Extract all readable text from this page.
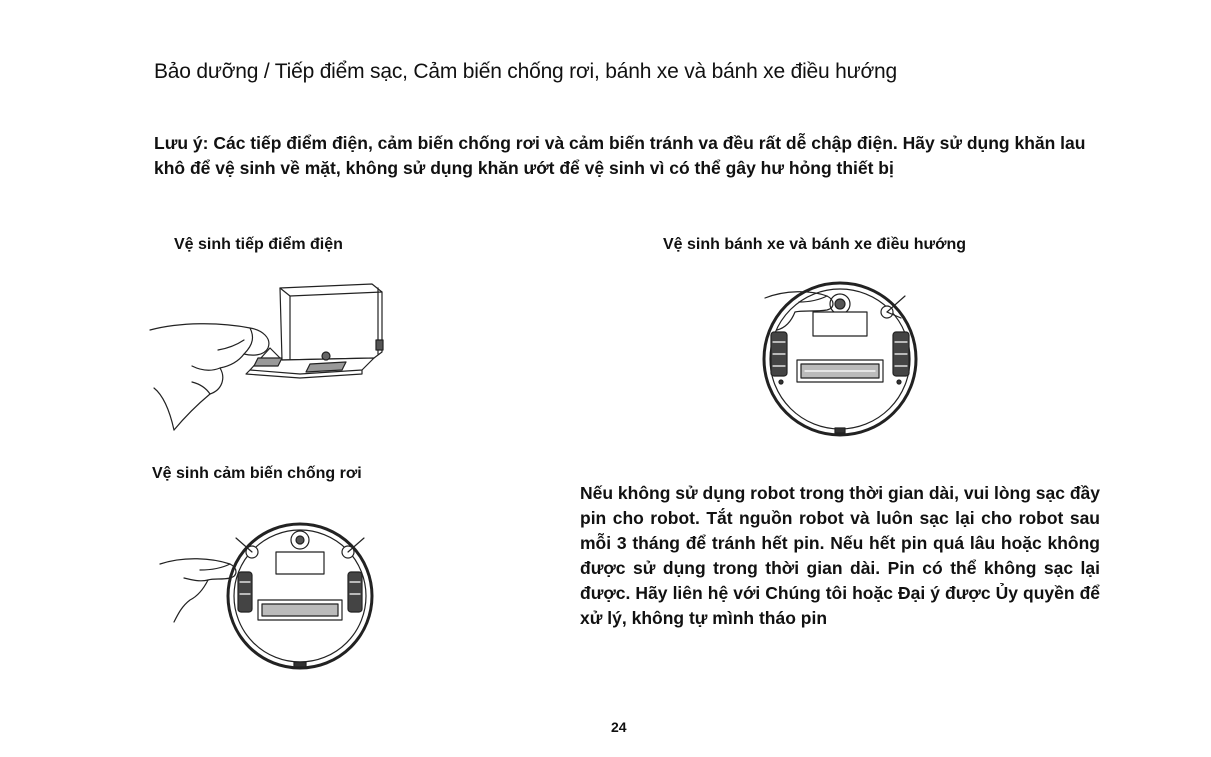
Bảo dưỡng / Tiếp điểm sạc, Cảm biến chống rơi, bánh xe và bánh xe điều hướng
Lưu ý: Các tiếp điểm điện, cảm biến chống rơi và cảm biến tránh va đều rất dễ chập điện. Hãy sử dụng khăn lau khô để vệ sinh về mặt, không sử dụng khăn ướt để vệ sinh vì có thể gây hư hỏng thiết bị
Vệ sinh tiếp điểm điện	Vệ sinh bánh xe và bánh xe điều hướng
Vệ sinh cảm biến chống rơi
Nếu không sử dụng robot trong thời gian dài, vui lòng sạc đầy pin cho robot. Tắt nguồn robot và luôn sạc lại cho robot sau mỗi 3 tháng để tránh hết pin. Nếu hết pin quá lâu hoặc không được sử dụng trong thời gian dài. Pin có thể không sạc lại được. Hãy liên hệ với Chúng tôi hoặc Đại ý được Ủy quyền để xử lý, không tự mình tháo pin
24
